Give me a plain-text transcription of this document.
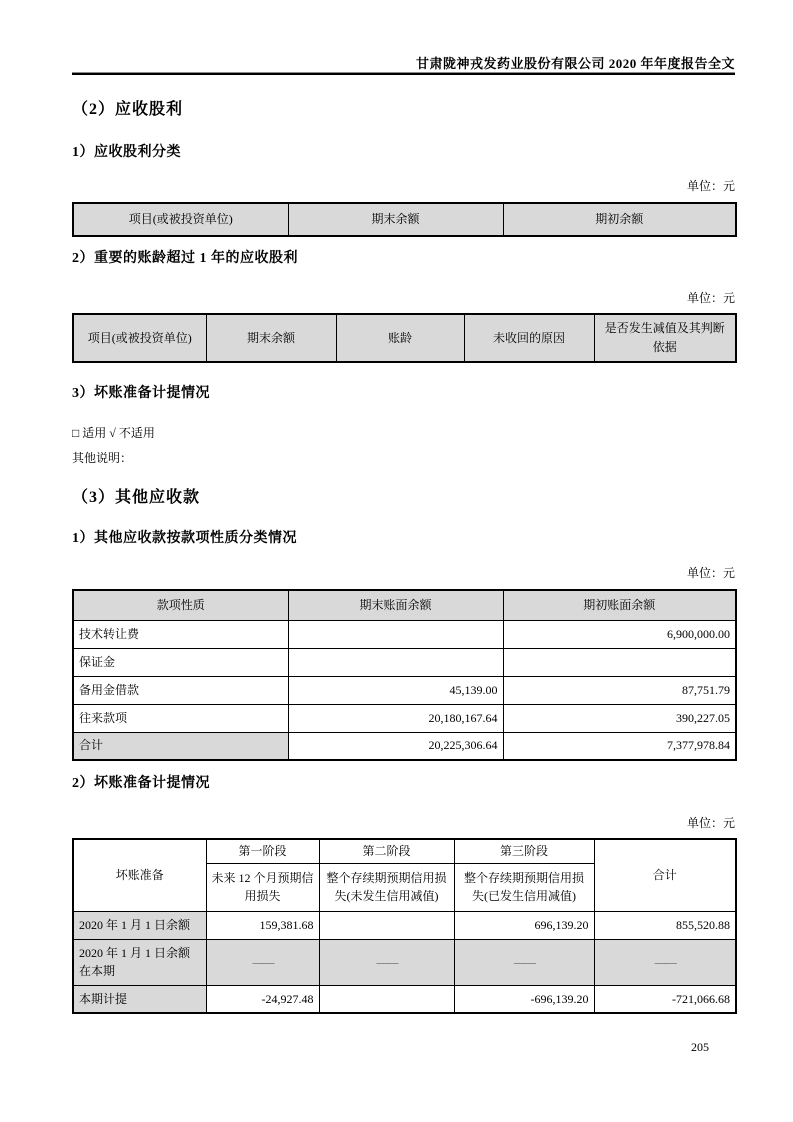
甘肃陇神戎发药业股份有限公司 2020 年年度报告全文
（2）应收股利
1）应收股利分类
单位：元
项目(或被投资单位)	期末余额	期初余额
2）重要的账龄超过 1 年的应收股利
单位：元
项目(或被投资单位)	期末余额	账龄	未收回的原因	是否发生减值及其判断依据
3）坏账准备计提情况
□ 适用 √ 不适用
其他说明：
（3）其他应收款
1）其他应收款按款项性质分类情况
单位：元
款项性质	期末账面余额	期初账面余额
技术转让费		6,900,000.00
保证金		
备用金借款	45,139.00	87,751.79
往来款项	20,180,167.64	390,227.05
合计	20,225,306.64	7,377,978.84
2）坏账准备计提情况
单位：元
坏账准备	第一阶段	第二阶段	第三阶段	合计
	未来 12 个月预期信用损失	整个存续期预期信用损失(未发生信用减值)	整个存续期预期信用损失(已发生信用减值)	
2020 年 1 月 1 日余额	159,381.68		696,139.20	855,520.88
2020 年 1 月 1 日余额在本期	——	——	——	——
本期计提	-24,927.48		-696,139.20	-721,066.68
205
